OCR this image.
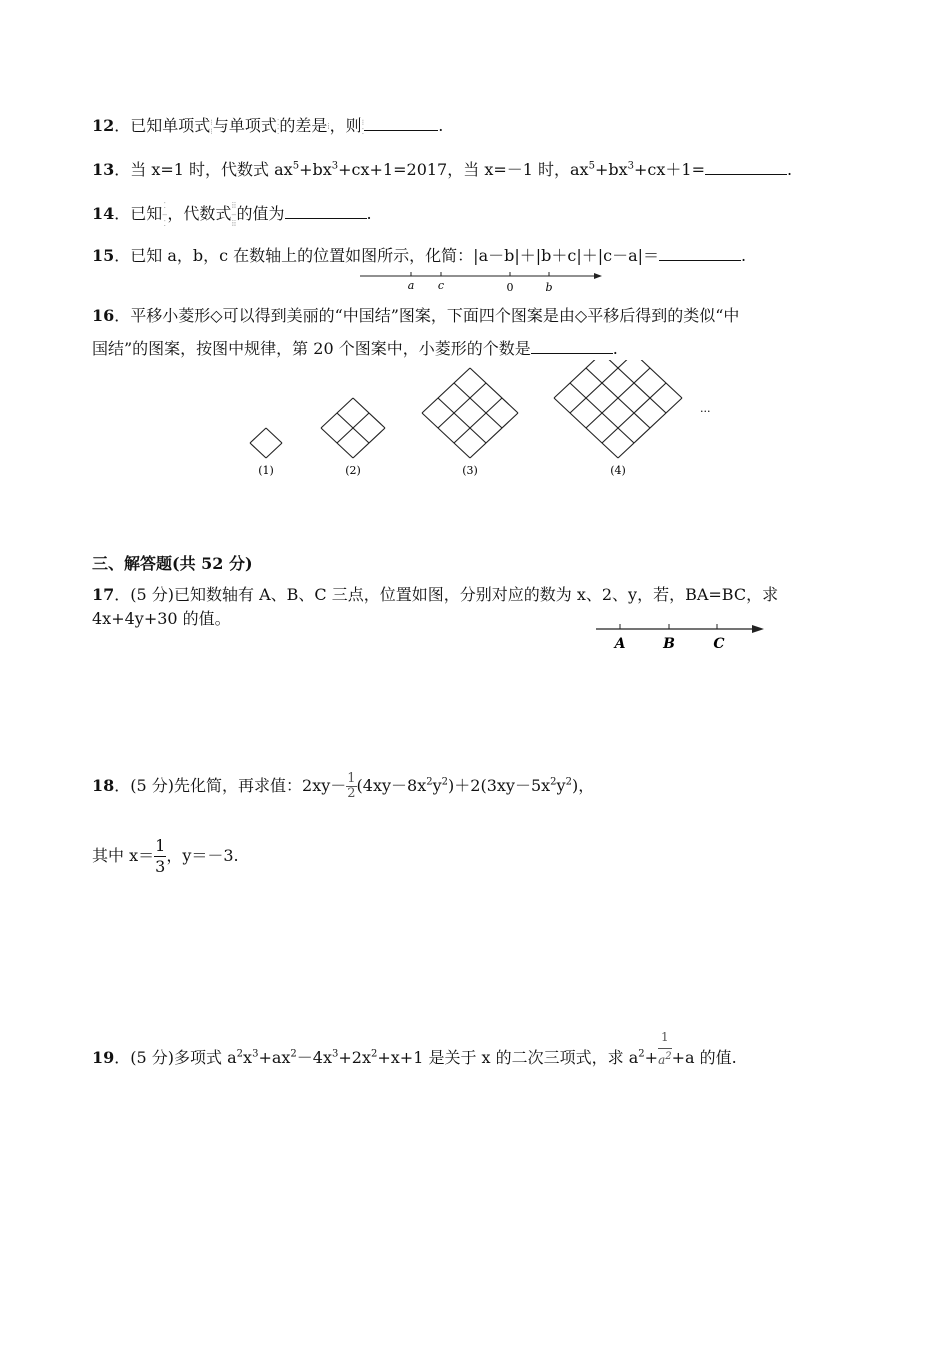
12．已知单项式⁝
⁝与单项式⁚
⁚的差是⁞，则⁝
⁚	.
13．当 x=1 时，代数式 $ax^5+bx^3+cx+1=2017$，当 x=－1 时，$ax^5+bx^3+cx+1=$	.
14．已知⁚
‒
⁚，代数式⁞⁞
‒
⁞⁞的值为	.
15．已知 a，b，c 在数轴上的位置如图所示，化简：|a－b|＋|b＋c|＋|c－a|＝	.
a c	0	b
16．平移小菱形◇可以得到美丽的“中国结”图案，下面四个图案是由◇平移后得到的类似“中
国结”的图案，按图中规律，第 20 个图案中，小菱形的个数是	.
...
(1)	(2)	(3)	(4)
三、解答题(共 52 分)
17．(5 分)已知数轴有 A、B、C 三点，位置如图，分别对应的数为 x、2、y，若，BA=BC，求
4x+4y+30 的值。
A	B	C
18．(5 分)先化简，再求值：$2xy- \frac{1}{2} (4xy-8x^2y^2)+2(3xy-5x^2y^2)$，
其中 $x= \frac{1}{3}$ ，y＝－3.
19．(5 分)多项式 $a^2x^3+ax^2-4x^3+2x^2+x+1$ 是关于 x 的二次三项式，求 $a^2+ \frac{1}{a^2} +a$ 的值.
